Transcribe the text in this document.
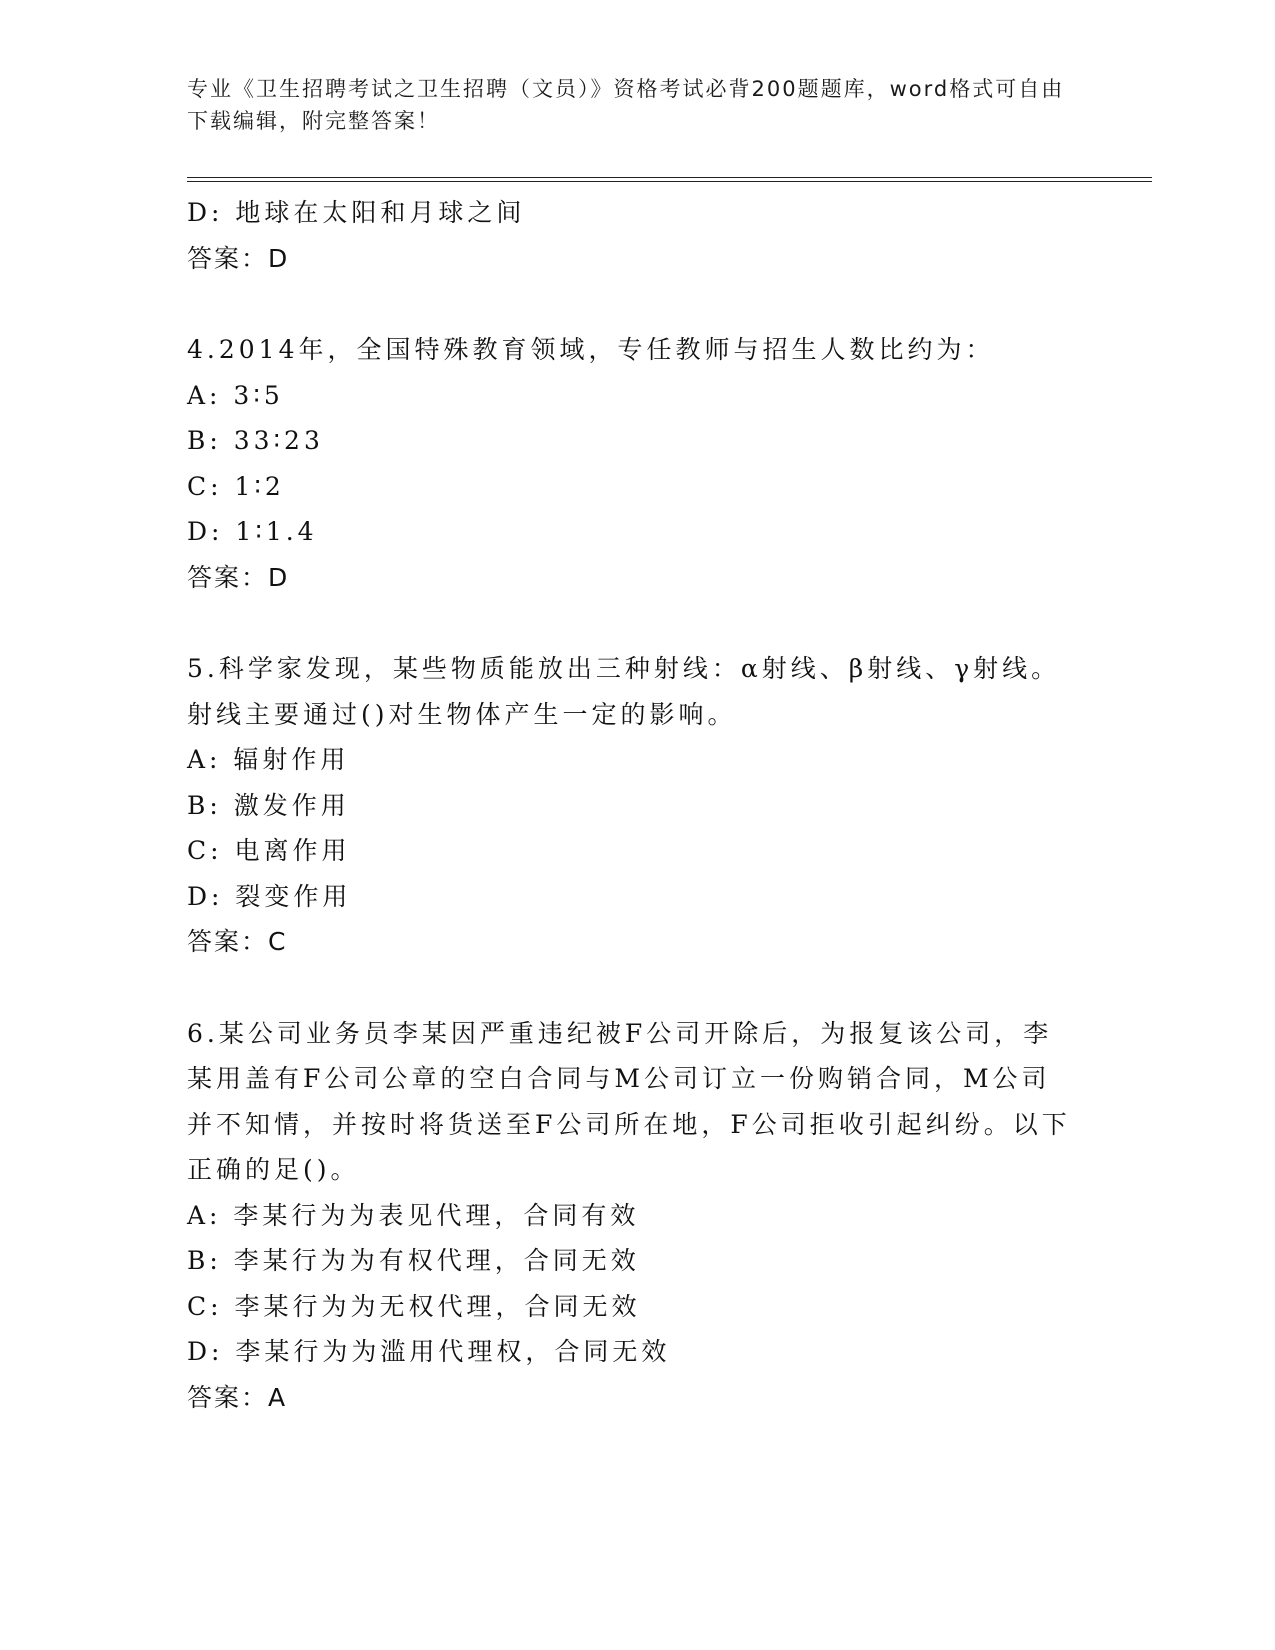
专业《卫生招聘考试之卫生招聘（文员）》资格考试必背200题题库，word格式可自由下载编辑，附完整答案！
D: 地球在太阳和月球之间
答案：D
4.2014年，全国特殊教育领域，专任教师与招生人数比约为：
A: 3∶5
B: 33∶23
C: 1∶2
D: 1∶1.4
答案：D
5.科学家发现，某些物质能放出三种射线：α射线、β射线、γ射线。射线主要通过()对生物体产生一定的影响。
A: 辐射作用
B: 激发作用
C: 电离作用
D: 裂变作用
答案：C
6.某公司业务员李某因严重违纪被F公司开除后，为报复该公司，李某用盖有F公司公章的空白合同与M公司订立一份购销合同，M公司并不知情，并按时将货送至F公司所在地，F公司拒收引起纠纷。以下正确的足()。
A: 李某行为为表见代理，合同有效
B: 李某行为为有权代理，合同无效
C: 李某行为为无权代理，合同无效
D: 李某行为为滥用代理权，合同无效
答案：A
